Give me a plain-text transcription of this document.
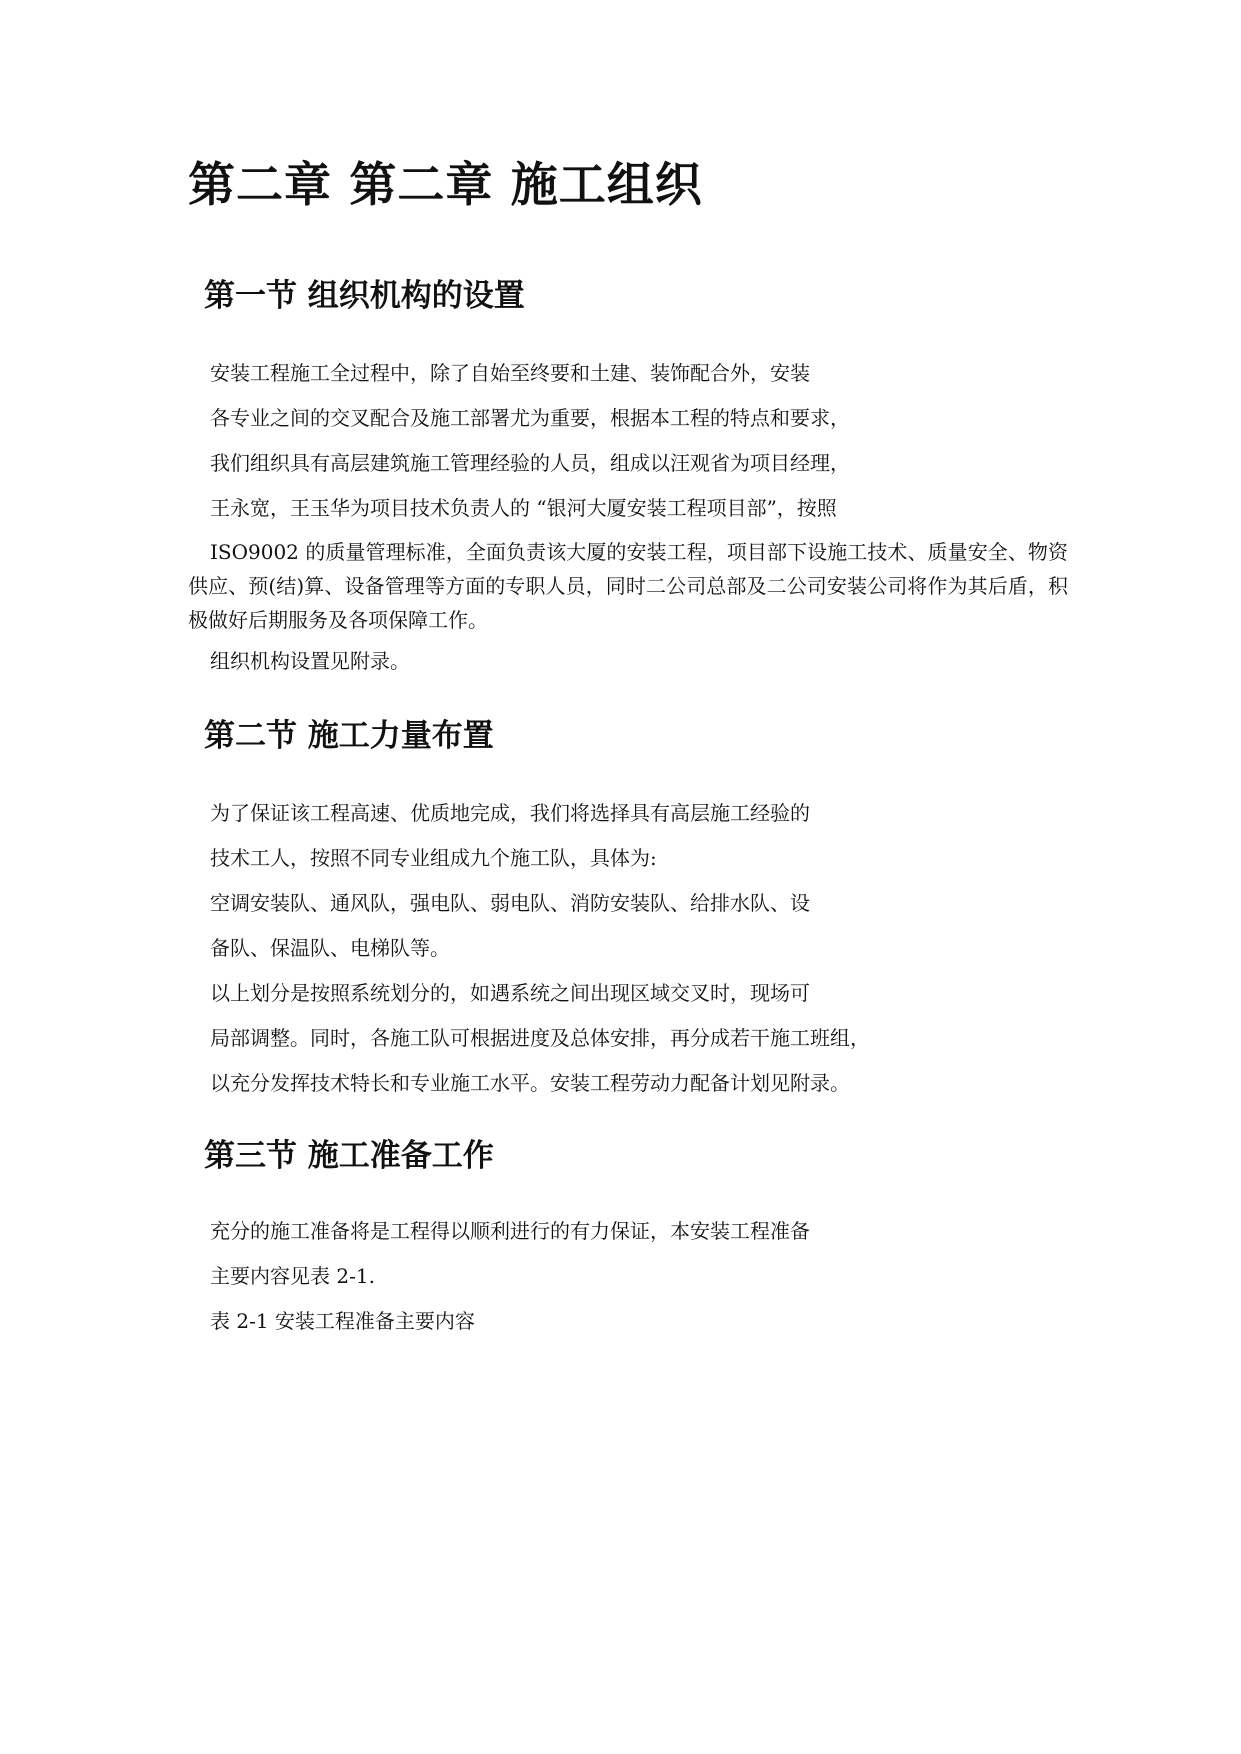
第二章 第二章 施工组织
第一节 组织机构的设置

安装工程施工全过程中，除了自始至终要和土建、装饰配合外，安装

各专业之间的交叉配合及施工部署尤为重要，根据本工程的特点和要求，

我们组织具有高层建筑施工管理经验的人员，组成以汪观省为项目经理，

王永宽，王玉华为项目技术负责人的 “银河大厦安装工程项目部”，按照

ISO9002 的质量管理标准，全面负责该大厦的安装工程，项目部下设施工技术、质量安全、物资供应、预(结)算、设备管理等方面的专职人员，同时二公司总部及二公司安装公司将作为其后盾，积极做好后期服务及各项保障工作。

组织机构设置见附录。

第二节 施工力量布置

为了保证该工程高速、优质地完成，我们将选择具有高层施工经验的

技术工人，按照不同专业组成九个施工队，具体为:

空调安装队、通风队，强电队、弱电队、消防安装队、给排水队、设

备队、保温队、电梯队等。

以上划分是按照系统划分的，如遇系统之间出现区域交叉时，现场可

局部调整。同时，各施工队可根据进度及总体安排，再分成若干施工班组，

以充分发挥技术特长和专业施工水平。安装工程劳动力配备计划见附录。

第三节 施工准备工作

充分的施工准备将是工程得以顺利进行的有力保证，本安装工程准备

主要内容见表 2-1.

表 2-1 安装工程准备主要内容
